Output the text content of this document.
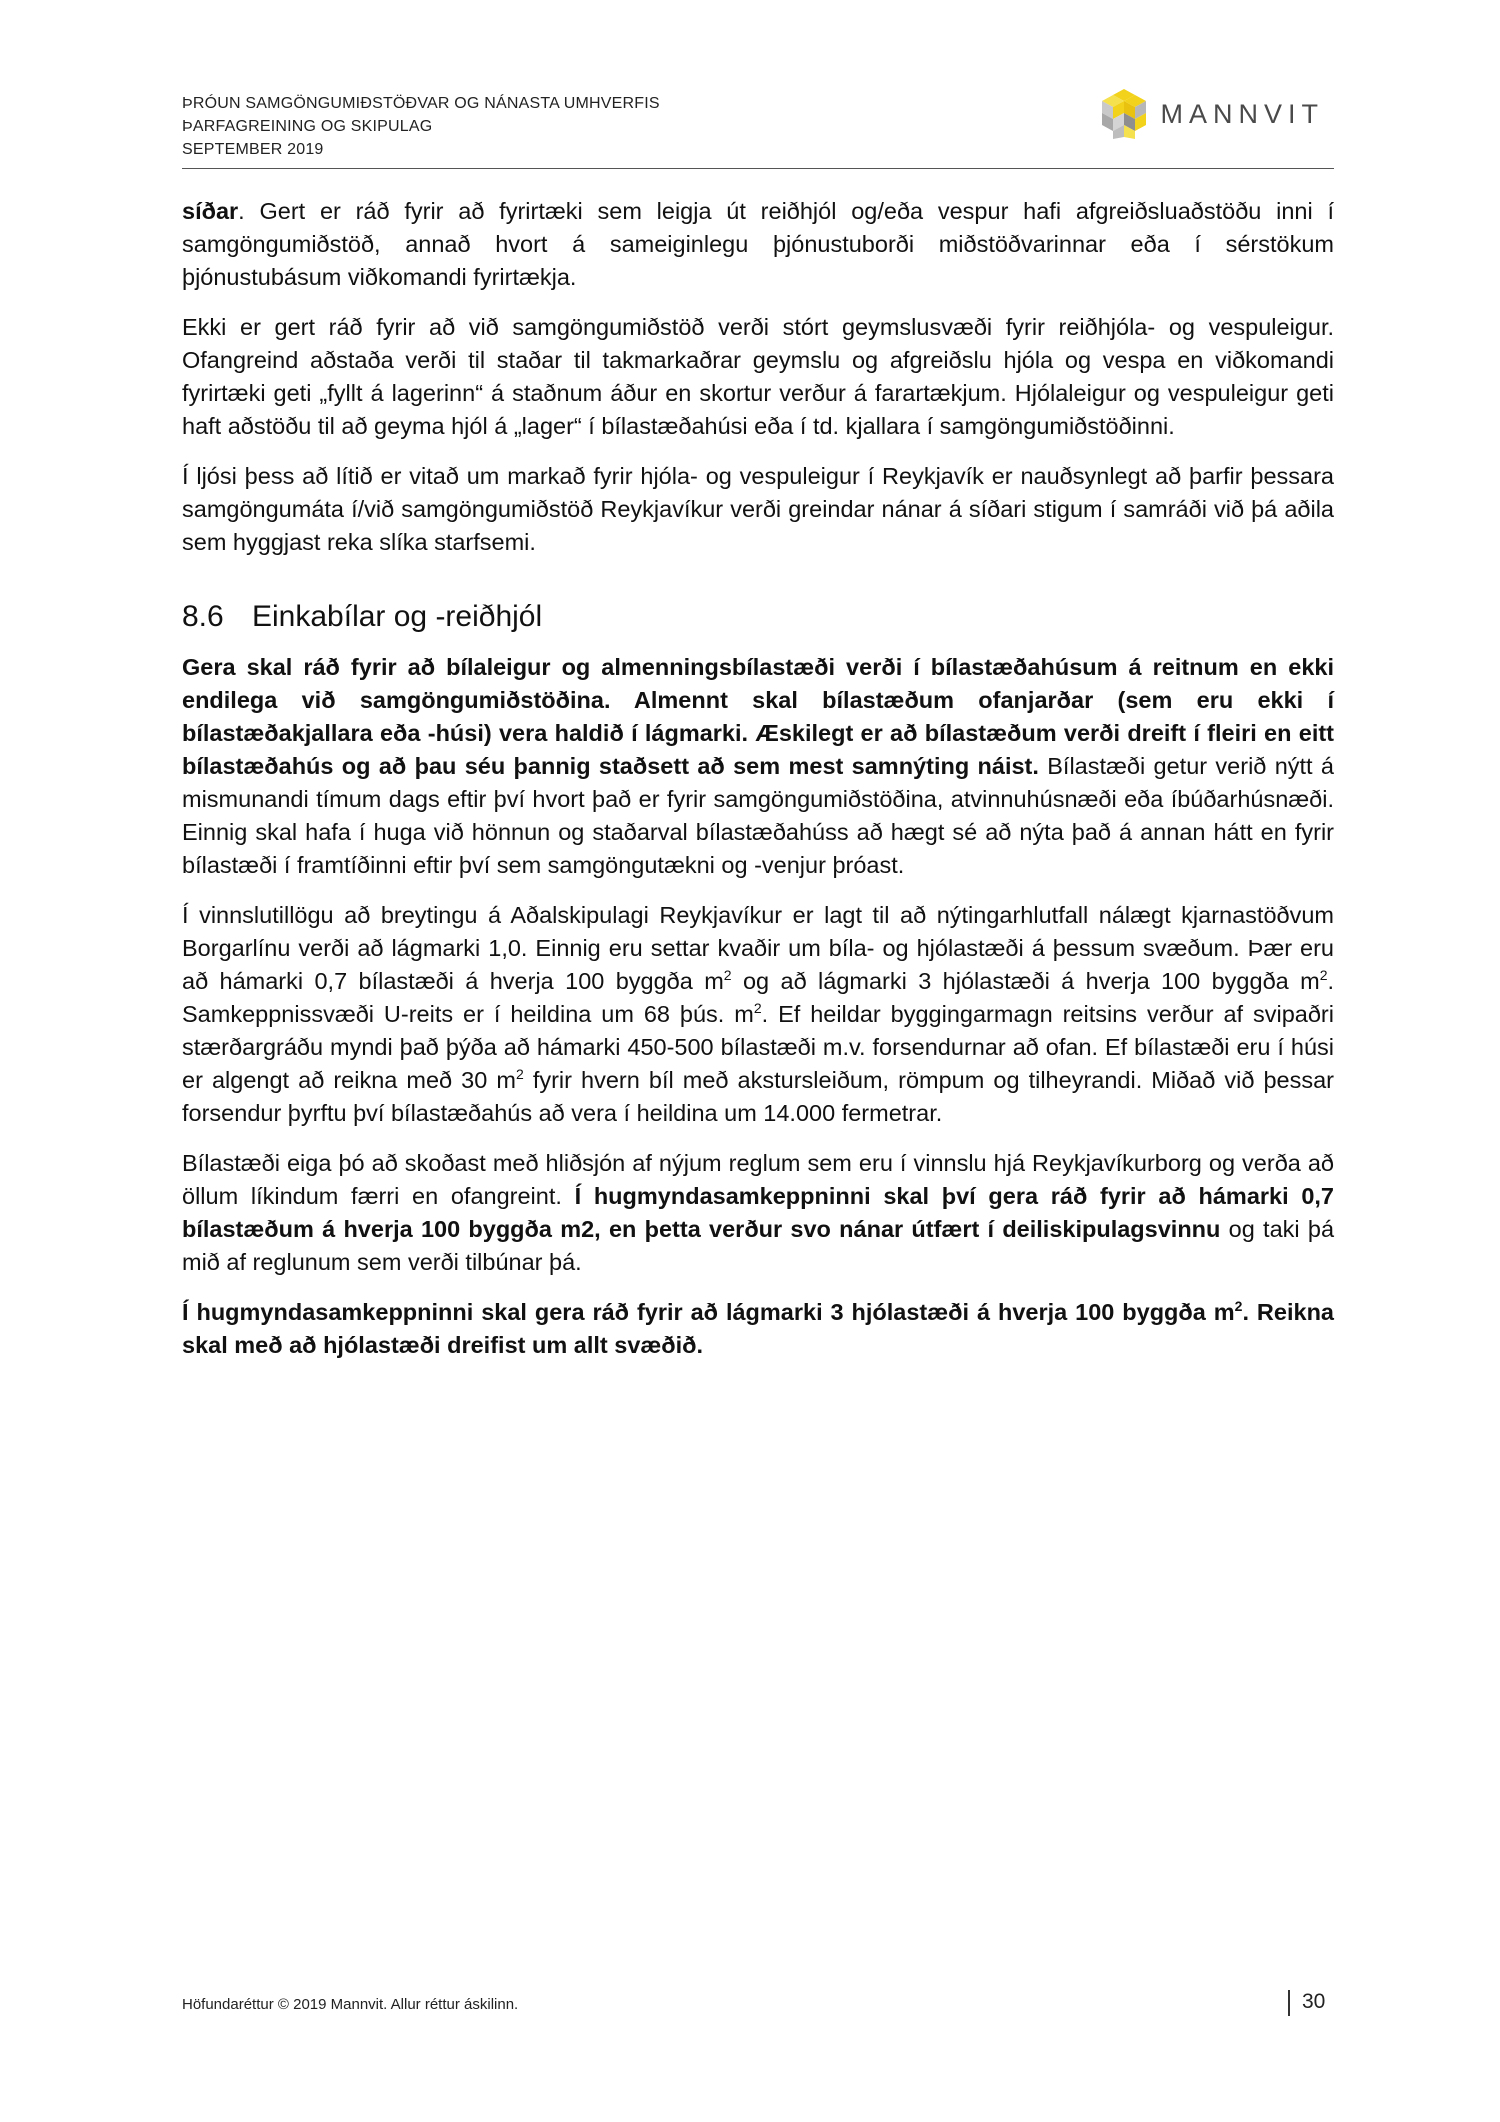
ÞRÓUN SAMGÖNGUMIÐSTÖÐVAR OG NÁNASTA UMHVERFIS
ÞARFAGREINING OG SKIPULAG
SEPTEMBER 2019
MANNVIT

síðar. Gert er ráð fyrir að fyrirtæki sem leigja út reiðhjól og/eða vespur hafi afgreiðsluaðstöðu inni í samgöngumiðstöð, annað hvort á sameiginlegu þjónustuborði miðstöðvarinnar eða í sérstökum þjónustubásum viðkomandi fyrirtækja.

Ekki er gert ráð fyrir að við samgöngumiðstöð verði stórt geymslusvæði fyrir reiðhjóla- og vespuleigur. Ofangreind aðstaða verði til staðar til takmarkaðrar geymslu og afgreiðslu hjóla og vespa en viðkomandi fyrirtæki geti „fyllt á lagerinn“ á staðnum áður en skortur verður á farartækjum. Hjólaleigur og vespuleigur geti haft aðstöðu til að geyma hjól á „lager“ í bílastæðahúsi eða í td. kjallara í samgöngumiðstöðinni.

Í ljósi þess að lítið er vitað um markað fyrir hjóla- og vespuleigur í Reykjavík er nauðsynlegt að þarfir þessara samgöngumáta í/við samgöngumiðstöð Reykjavíkur verði greindar nánar á síðari stigum í samráði við þá aðila sem hyggjast reka slíka starfsemi.

8.6 Einkabílar og -reiðhjól

Gera skal ráð fyrir að bílaleigur og almenningsbílastæði verði í bílastæðahúsum á reitnum en ekki endilega við samgöngumiðstöðina. Almennt skal bílastæðum ofanjarðar (sem eru ekki í bílastæðakjallara eða -húsi) vera haldið í lágmarki. Æskilegt er að bílastæðum verði dreift í fleiri en eitt bílastæðahús og að þau séu þannig staðsett að sem mest samnýting náist. Bílastæði getur verið nýtt á mismunandi tímum dags eftir því hvort það er fyrir samgöngumiðstöðina, atvinnuhúsnæði eða íbúðarhúsnæði. Einnig skal hafa í huga við hönnun og staðarval bílastæðahúss að hægt sé að nýta það á annan hátt en fyrir bílastæði í framtíðinni eftir því sem samgöngutækni og -venjur þróast.

Í vinnslutillögu að breytingu á Aðalskipulagi Reykjavíkur er lagt til að nýtingarhlutfall nálægt kjarnastöðvum Borgarlínu verði að lágmarki 1,0. Einnig eru settar kvaðir um bíla- og hjólastæði á þessum svæðum. Þær eru að hámarki 0,7 bílastæði á hverja 100 byggða $m^2$ og að lágmarki 3 hjólastæði á hverja 100 byggða $m^2$. Samkeppnissvæði U-reits er í heildina um 68 þús. $m^2$. Ef heildar byggingarmagn reitsins verður af svipaðri stærðargráðu myndi það þýða að hámarki 450-500 bílastæði m.v. forsendurnar að ofan. Ef bílastæði eru í húsi er algengt að reikna með 30 $m^2$ fyrir hvern bíl með akstursleiðum, römpum og tilheyrandi. Miðað við þessar forsendur þyrftu því bílastæðahús að vera í heildina um 14.000 fermetrar.

Bílastæði eiga þó að skoðast með hliðsjón af nýjum reglum sem eru í vinnslu hjá Reykjavíkurborg og verða að öllum líkindum færri en ofangreint. Í hugmyndasamkeppninni skal því gera ráð fyrir að hámarki 0,7 bílastæðum á hverja 100 byggða m2, en þetta verður svo nánar útfært í deiliskipulagsvinnu og taki þá mið af reglunum sem verði tilbúnar þá.

Í hugmyndasamkeppninni skal gera ráð fyrir að lágmarki 3 hjólastæði á hverja 100 byggða $m^2$. Reikna skal með að hjólastæði dreifist um allt svæðið.

Höfundaréttur © 2019 Mannvit. Allur réttur áskilinn.	30
